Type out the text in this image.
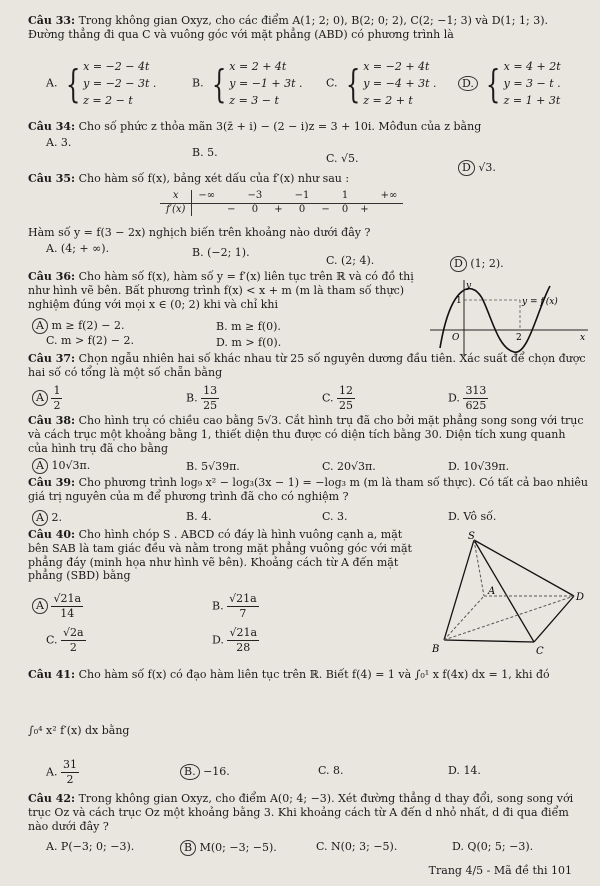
Câu 33: Trong không gian Oxyz, cho các điểm A(1; 2; 0), B(2; 0; 2), C(2; −1; 3) và D(1; 1; 3). Đường thẳng đi qua C và vuông góc với mặt phẳng (ABD) có phương trình là
A. { x = −2 − 4t
y = −2 − 3t .
z = 2 − t
B. { x = 2 + 4t
y = −1 + 3t .
z = 3 − t
C. { x = −2 + 4t
y = −4 + 3t .
z = 2 + t
D. { x = 4 + 2t
y = 3 − t .
z = 1 + 3t
Câu 34: Cho số phức z thỏa mãn 3(z̄ + i) − (2 − i)z = 3 + 10i. Môđun của z bằng
A. 3.
B. 5.	C. √5.
D √3.
Câu 35: Cho hàm số f(x), bảng xét dấu của f′(x) như sau :
x	−∞		−3		−1		1		+∞
f′(x)		−	0	+	0	−	0	+	
Hàm số y = f(3 − 2x) nghịch biến trên khoảng nào dưới đây ?
A. (4; + ∞).	B. (−2; 1).
C. (2; 4).	D (1; 2).
Câu 36: Cho hàm số f(x), hàm số y = f′(x) liên tục trên ℝ và có đồ thị như hình vẽ bên. Bất phương trình f(x) < x + m (m là tham số thực) nghiệm đúng với mọi x ∈ (0; 2) khi và chỉ khi
A m ≥ f(2) − 2.	B. m ≥ f(0).
C. m > f(2) − 2.	D. m > f(0).
y
x
O	2
1	y = f′(x)
Câu 37: Chọn ngẫu nhiên hai số khác nhau từ 25 số nguyên dương đầu tiên. Xác suất để chọn được hai số có tổng là một số chẵn bằng
A $\frac{1}{2}$	B. $\frac{13}{25}$	C. $\frac{12}{25}$	D. $\frac{313}{625}$
Câu 38: Cho hình trụ có chiều cao bằng 5√3. Cắt hình trụ đã cho bởi mặt phẳng song song với trục và cách trục một khoảng bằng 1, thiết diện thu được có diện tích bằng 30. Diện tích xung quanh của hình trụ đã cho bằng
A 10√3π.	B. 5√39π.	C. 20√3π.	D. 10√39π.
Câu 39: Cho phương trình log₉ x² − log₃(3x − 1) = −log₃ m (m là tham số thực). Có tất cả bao nhiêu giá trị nguyên của m để phương trình đã cho có nghiệm ?
A 2.	B. 4.	C. 3.	D. Vô số.
Câu 40: Cho hình chóp S . ABCD có đáy là hình vuông cạnh a, mặt bên SAB là tam giác đều và nằm trong mặt phẳng vuông góc với mặt phẳng đáy (minh họa như hình vẽ bên). Khoảng cách từ A đến mặt phẳng (SBD) bằng
A $\frac{√21a}{14}$	B. $\frac{√21a}{7}$
C. $\frac{√2a}{2}$	D. $\frac{√21a}{28}$
S
A
B	C
D
Câu 41: Cho hàm số f(x) có đạo hàm liên tục trên ℝ. Biết f(4) = 1 và ∫₀¹ x f(4x) dx = 1, khi đó
∫₀⁴ x² f′(x) dx bằng
A. $\frac{31}{2}$	B. −16.	C. 8.	D. 14.
Câu 42: Trong không gian Oxyz, cho điểm A(0; 4; −3). Xét đường thẳng d thay đổi, song song với trục Oz và cách trục Oz một khoảng bằng 3. Khi khoảng cách từ A đến d nhỏ nhất, d đi qua điểm nào dưới đây ?
A. P(−3; 0; −3).	B M(0; −3; −5).	C. N(0; 3; −5).	D. Q(0; 5; −3).
Trang 4/5 - Mã đề thi 101
